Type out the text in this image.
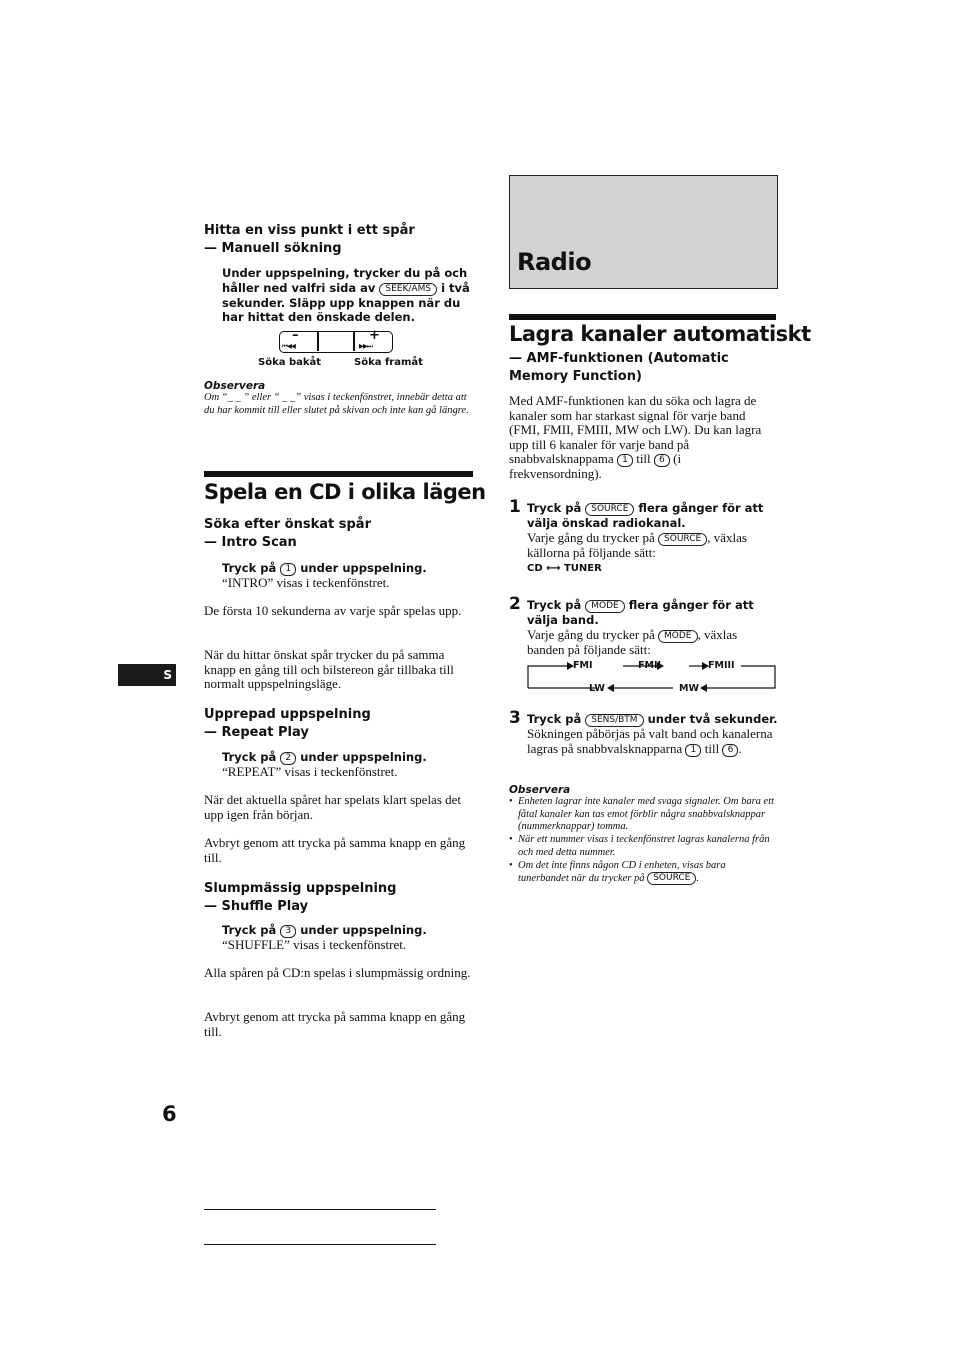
Hitta en viss punkt i ett spår
— Manuell sökning
Under uppspelning, trycker du på och håller ned valfri sida av SEEK/AMS i två sekunder. Släpp upp knappen när du har hittat den önskade delen.
–
⏮◀◀
+
▶▶⏭
Söka bakåt	Söka framåt
Observera
Om “_ _ ” eller “ _ _” visas i teckenfönstret, innebär detta att du har kommit till eller slutet på skivan och inte kan gå längre.
Spela en CD i olika lägen
Söka efter önskat spår
— Intro Scan
Tryck på 1 under uppspelning.
“INTRO” visas i teckenfönstret.
De första 10 sekunderna av varje spår spelas upp.
När du hittar önskat spår trycker du på samma knapp en gång till och bilstereon går tillbaka till normalt uppspelningsläge.
Upprepad uppspelning
— Repeat Play
Tryck på 2 under uppspelning.
“REPEAT” visas i teckenfönstret.
När det aktuella spåret har spelats klart spelas det upp igen från början.
Avbryt genom att trycka på samma knapp en gång till.
Slumpmässig uppspelning
— Shuffle Play
Tryck på 3 under uppspelning.
“SHUFFLE” visas i teckenfönstret.
Alla spåren på CD:n spelas i slumpmässig ordning.
Avbryt genom att trycka på samma knapp en gång till.
S
6
Radio
Lagra kanaler automatiskt
— AMF-funktionen (Automatic Memory Function)
Med AMF-funktionen kan du söka och lagra de kanaler som har starkast signal för varje band (FMI, FMII, FMIII, MW och LW). Du kan lagra upp till 6 kanaler för varje band på snabbvalsknappama 1 till 6 (i frekvensordning).
1 Tryck på SOURCE flera gånger för att välja önskad radiokanal.
Varje gång du trycker på SOURCE , växlas källorna på följande sätt:
CD ⟷ TUNER
2 Tryck på MODE flera gånger för att välja band.
Varje gång du trycker på MODE , växlas banden på följande sätt:
FMI	FMII	FMIII
MW
LW
3 Tryck på SENS/BTM under två sekunder.
Sökningen påbörjas på valt band och kanalerna lagras på snabbvalsknapparna 1 till 6 .
Observera
• Enheten lagrar inte kanaler med svaga signaler. Om bara ett fåtal kanaler kan tas emot förblir några snabbvalsknappar (nummerknappar) tomma.
• När ett nummer visas i teckenfönstret lagras kanalerna från och med detta nummer.
• Om det inte finns någon CD i enheten, visas bara tunerbandet när du trycker på SOURCE .
